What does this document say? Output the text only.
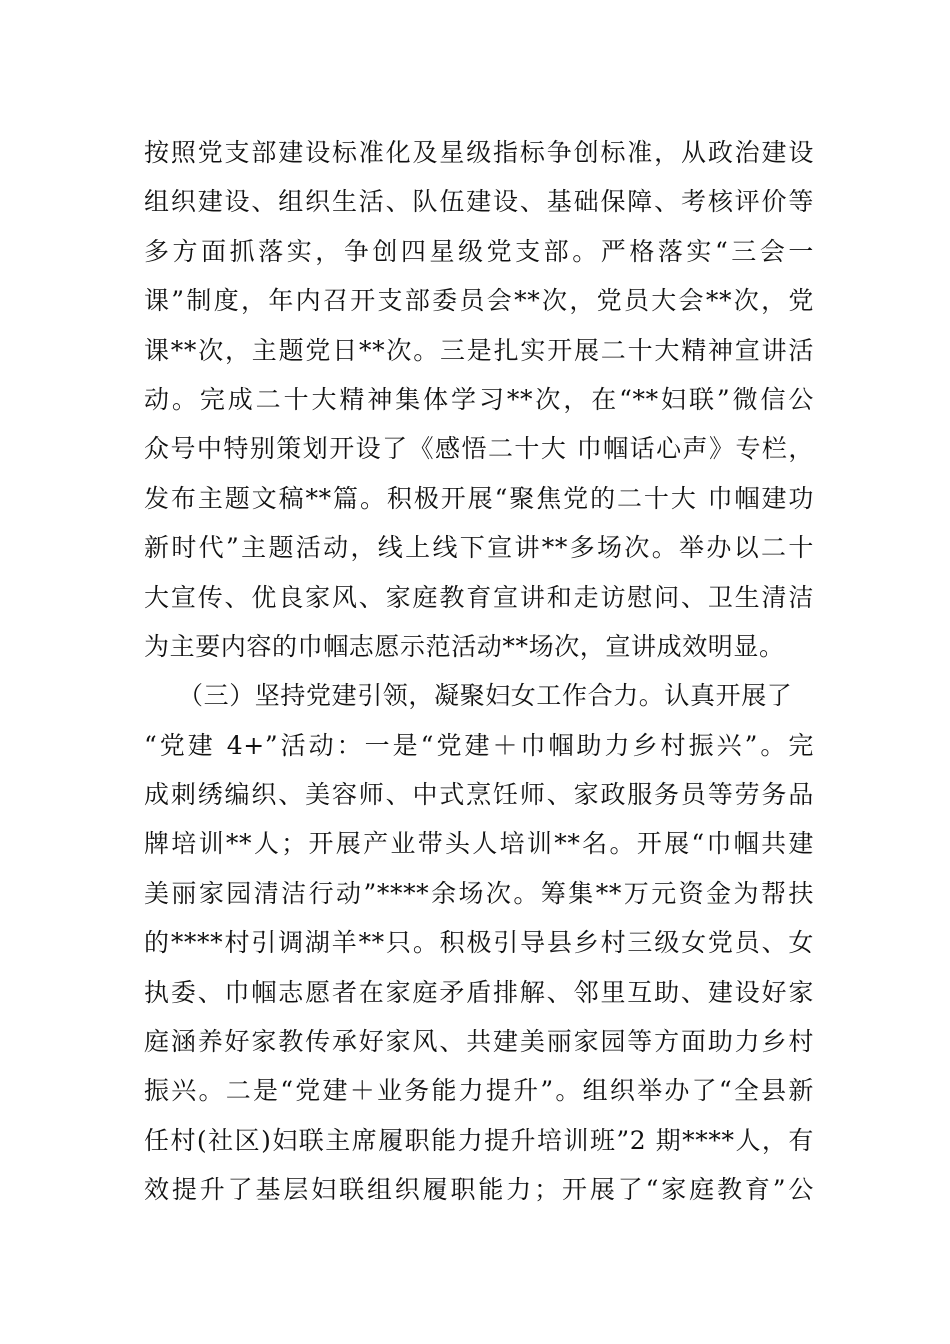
按照党支部建设标准化及星级指标争创标准，从政治建设
组织建设、组织生活、队伍建设、基础保障、考核评价等
多方面抓落实，争创四星级党支部。严格落实“三会一
课”制度，年内召开支部委员会**次，党员大会**次，党
课**次，主题党日**次。三是扎实开展二十大精神宣讲活
动。完成二十大精神集体学习**次，在“**妇联”微信公
众号中特别策划开设了《感悟二十大 巾帼话心声》专栏，
发布主题文稿**篇。积极开展“聚焦党的二十大 巾帼建功
新时代”主题活动，线上线下宣讲**多场次。举办以二十
大宣传、优良家风、家庭教育宣讲和走访慰问、卫生清洁
为主要内容的巾帼志愿示范活动**场次，宣讲成效明显。
（三）坚持党建引领，凝聚妇女工作合力。认真开展了
“党建 4+”活动：一是“党建＋巾帼助力乡村振兴”。完
成刺绣编织、美容师、中式烹饪师、家政服务员等劳务品
牌培训**人；开展产业带头人培训**名。开展“巾帼共建
美丽家园清洁行动”****余场次。筹集**万元资金为帮扶
的****村引调湖羊**只。积极引导县乡村三级女党员、女
执委、巾帼志愿者在家庭矛盾排解、邻里互助、建设好家
庭涵养好家教传承好家风、共建美丽家园等方面助力乡村
振兴。二是“党建＋业务能力提升”。组织举办了“全县新
任村(社区)妇联主席履职能力提升培训班”2 期****人，有
效提升了基层妇联组织履职能力；开展了“家庭教育”公
